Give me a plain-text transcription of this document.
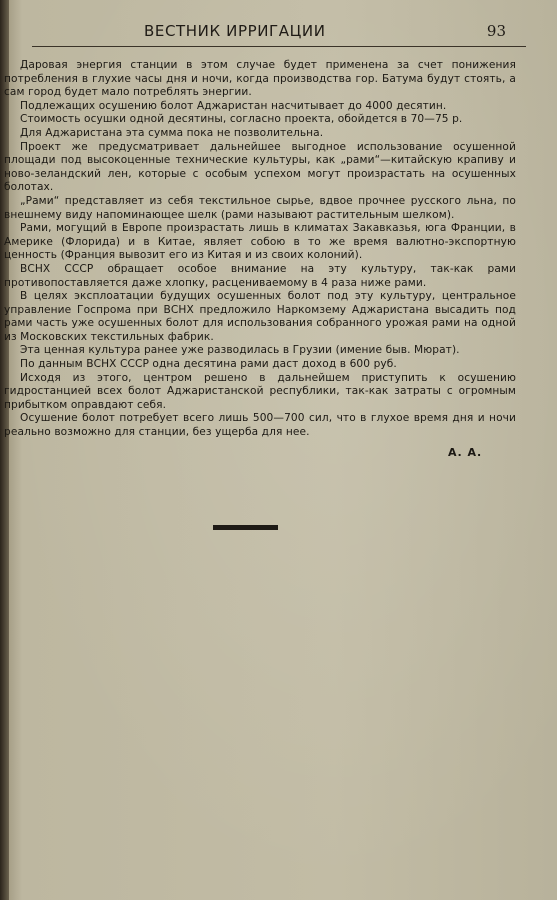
ВЕСТНИК ИРРИГАЦИИ	93

Даровая энергия станции в этом случае будет применена за счет понижения потребления в глухие часы дня и ночи, когда производства гор. Батума будут стоять, а сам город будет мало потреблять энергии.

Подлежащих осушению болот Аджаристан насчитывает до 4000 десятин.

Стоимость осушки одной десятины, согласно проекта, обойдется в 70—75 р.

Для Аджаристана эта сумма пока не позволительна.

Проект же предусматривает дальнейшее выгодное использование осушенной площади под высокоценные технические культуры, как „рами“—китайскую крапиву и ново-зеландский лен, которые с особым успехом могут произрастать на осушенных болотах.

„Рами“ представляет из себя текстильное сырье, вдвое прочнее русского льна, по внешнему виду напоминающее шелк (рами называют растительным шелком).

Рами, могущий в Европе произрастать лишь в климатах Закавказья, юга Франции, в Америке (Флорида) и в Китае, являет собою в то же время валютно-экспортную ценность (Франция вывозит его из Китая и из своих колоний).

ВСНХ СССР обращает особое внимание на эту культуру, так-как рами противопоставляется даже хлопку, расцениваемому в 4 раза ниже рами.

В целях эксплоатации будущих осушенных болот под эту культуру, центральное управление Госпрома при ВСНХ предложило Наркомзему Аджаристана высадить под рами часть уже осушенных болот для использования собранного урожая рами на одной из Московских текстильных фабрик.

Эта ценная культура ранее уже разводилась в Грузии (имение быв. Мюрат).

По данным ВСНХ СССР одна десятина рами даст доход в 600 руб.

Исходя из этого, центром решено в дальнейшем приступить к осушению гидростанцией всех болот Аджаристанской республики, так-как затраты с огромным прибытком оправдают себя.

Осушение болот потребует всего лишь 500—700 сил, что в глухое время дня и ночи реально возможно для станции, без ущерба для нее.

А. А.
